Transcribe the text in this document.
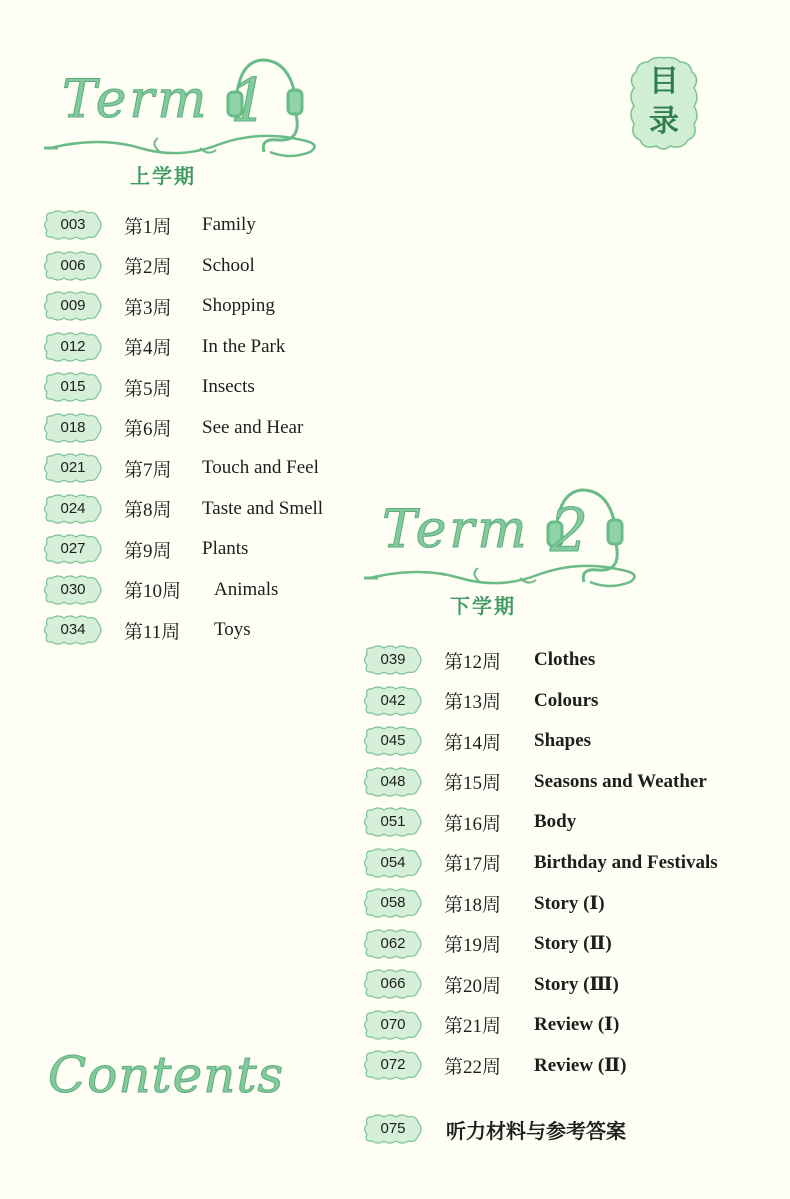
目
录
Term 1
上学期
003	第1周	Family
006	第2周	School
009	第3周	Shopping
012	第4周	In the Park
015	第5周	Insects
018	第6周	See and Hear
021	第7周	Touch and Feel
024	第8周	Taste and Smell
027	第9周	Plants
030	第10周	Animals
034	第11周	Toys
Term 2
下学期
039	第12周	Clothes
042	第13周	Colours
045	第14周	Shapes
048	第15周	Seasons and Weather
051	第16周	Body
054	第17周	Birthday and Festivals
058	第18周	Story (Ⅰ)
062	第19周	Story (Ⅱ)
066	第20周	Story (Ⅲ)
070	第21周	Review (Ⅰ)
072	第22周	Review (Ⅱ)
075	听力材料与参考答案
Contents
